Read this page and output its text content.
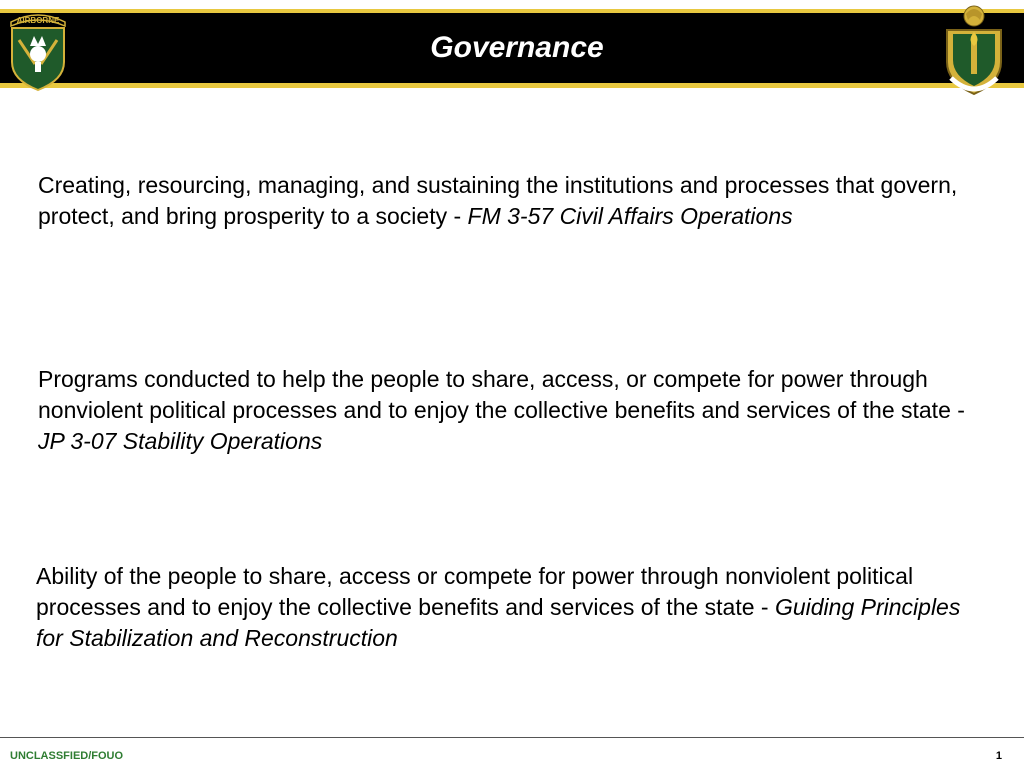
AIRBORNE
Governance

Creating, resourcing, managing, and sustaining the institutions and processes that govern, protect, and bring prosperity to a society - FM 3-57 Civil Affairs Operations

Programs conducted to help the people to share, access, or compete for power through nonviolent political processes and to enjoy the collective benefits and services of the state - JP 3-07 Stability Operations

Ability of the people to share, access or compete for power through nonviolent political processes and to enjoy the collective benefits and services of the state - Guiding Principles for Stabilization and Reconstruction

UNCLASSFIED/FOUO	1
